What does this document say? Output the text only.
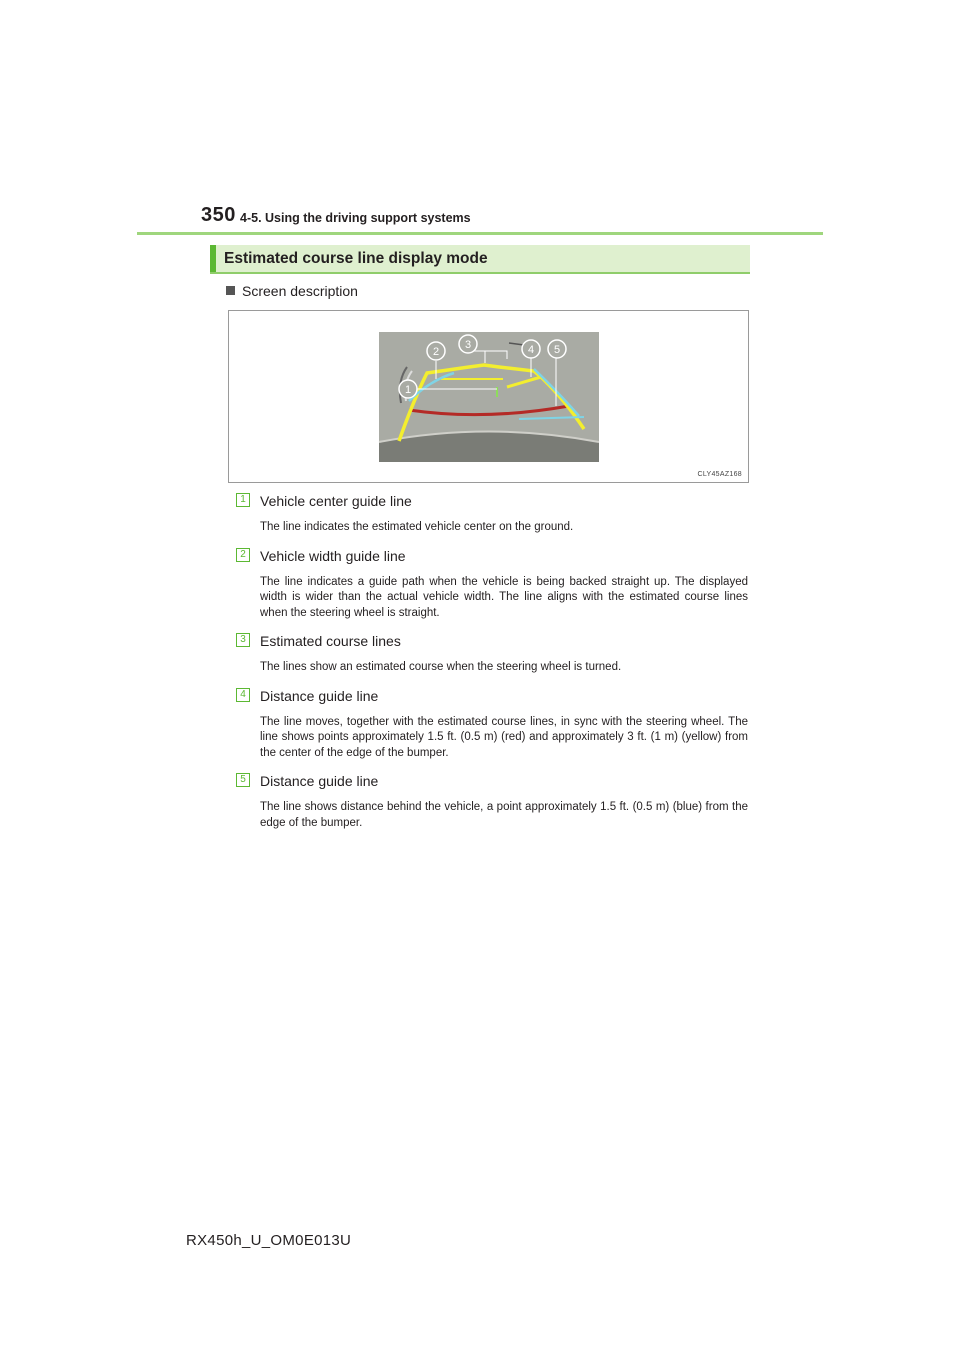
350 4-5. Using the driving support systems
Estimated course line display mode
Screen description
1
2
3	4 5
CLY45AZ168
1	Vehicle center guide line
The line indicates the estimated vehicle center on the ground.
2	Vehicle width guide line
The line indicates a guide path when the vehicle is being backed straight up. The displayed width is wider than the actual vehicle width. The line aligns with the estimated course lines when the steering wheel is straight.
3	Estimated course lines
The lines show an estimated course when the steering wheel is turned.
4	Distance guide line
The line moves, together with the estimated course lines, in sync with the steering wheel. The line shows points approximately 1.5 ft. (0.5 m) (red) and approximately 3 ft. (1 m) (yellow) from the center of the edge of the bumper.
5	Distance guide line
The line shows distance behind the vehicle, a point approximately 1.5 ft. (0.5 m) (blue) from the edge of the bumper.
RX450h_U_OM0E013U
